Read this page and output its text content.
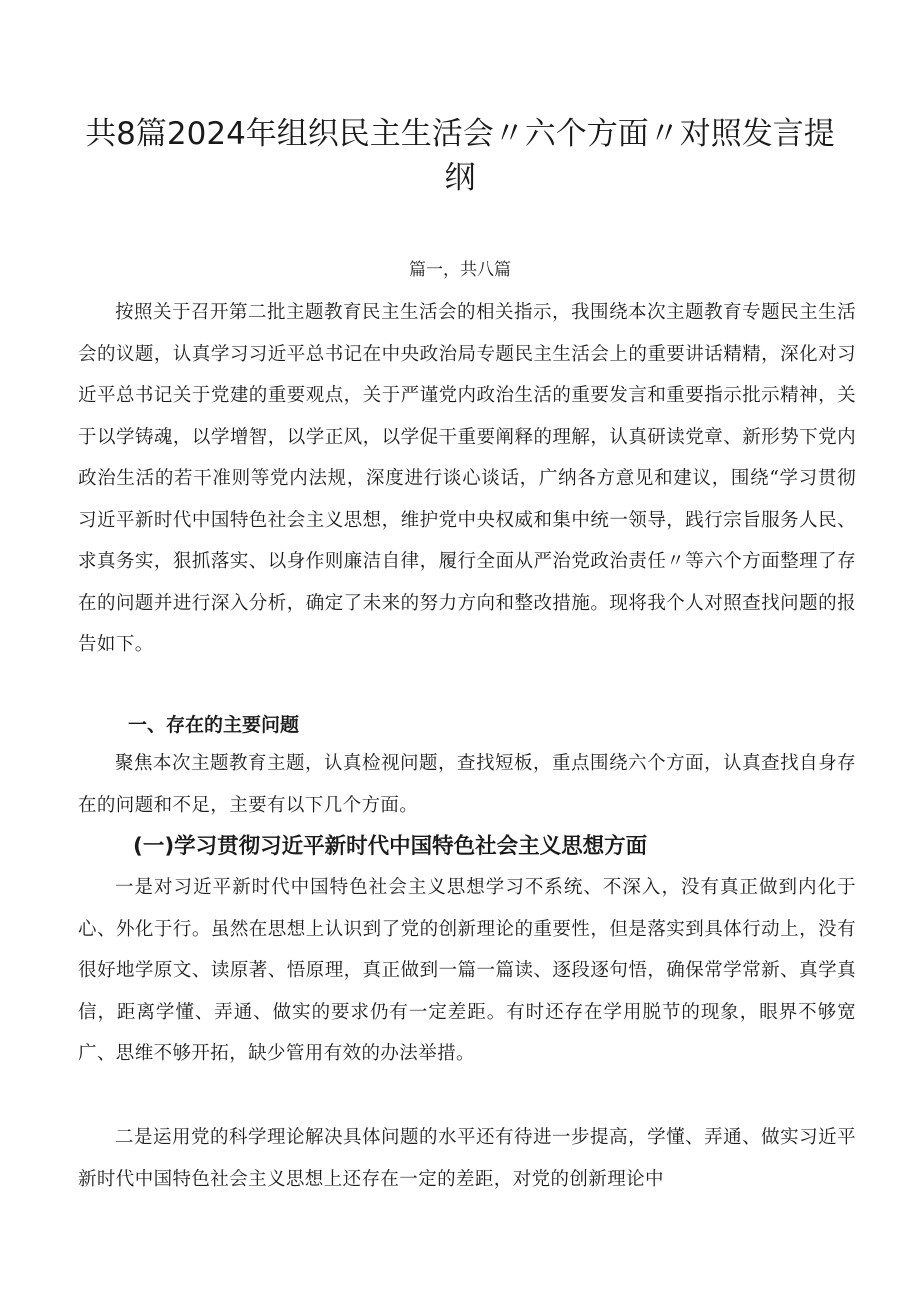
共8篇2024年组织民主生活会〃六个方面〃对照发言提纲

篇一，共八篇

按照关于召开第二批主题教育民主生活会的相关指示，我围绕本次主题教育专题民主生活会的议题，认真学习习近平总书记在中央政治局专题民主生活会上的重要讲话精精，深化对习近平总书记关于党建的重要观点，关于严谨党内政治生活的重要发言和重要指示批示精神，关于以学铸魂，以学增智，以学正风，以学促干重要阐释的理解，认真研读党章、新形势下党内政治生活的若干准则等党内法规，深度进行谈心谈话，广纳各方意见和建议，围绕“学习贯彻习近平新时代中国特色社会主义思想，维护党中央权威和集中统一领导，践行宗旨服务人民、求真务实，狠抓落实、以身作则廉洁自律，履行全面从严治党政治责任〃等六个方面整理了存在的问题并进行深入分析，确定了未来的努力方向和整改措施。现将我个人对照查找问题的报告如下。

一、存在的主要问题

聚焦本次主题教育主题，认真检视问题，查找短板，重点围绕六个方面，认真查找自身存在的问题和不足，主要有以下几个方面。

(一)学习贯彻习近平新时代中国特色社会主义思想方面

一是对习近平新时代中国特色社会主义思想学习不系统、不深入，没有真正做到内化于心、外化于行。虽然在思想上认识到了党的创新理论的重要性，但是落实到具体行动上，没有很好地学原文、读原著、悟原理，真正做到一篇一篇读、逐段逐句悟，确保常学常新、真学真信，距离学懂、弄通、做实的要求仍有一定差距。有时还存在学用脱节的现象，眼界不够宽广、思维不够开拓，缺少管用有效的办法举措。

二是运用党的科学理论解决具体问题的水平还有待进一步提高，学懂、弄通、做实习近平新时代中国特色社会主义思想上还存在一定的差距，对党的创新理论中
